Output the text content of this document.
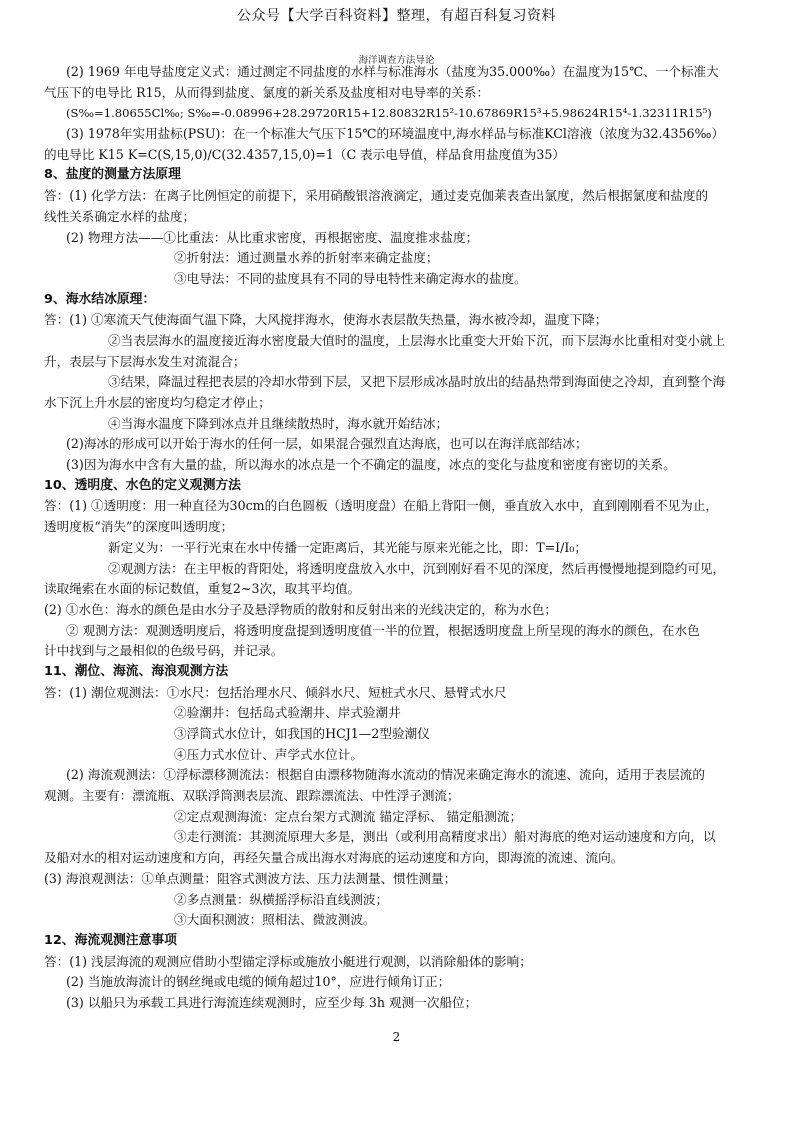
公众号【大学百科资料】整理，有超百科复习资料
海洋调查方法导论
(2) 1969 年电导盐度定义式：通过测定不同盐度的水样与标准海水（盐度为35.000‰）在温度为15℃、一个标准大
气压下的电导比 R15，从而得到盐度、氯度的新关系及盐度相对电导率的关系：
(S‰=1.80655Cl‰; S‰=-0.08996+28.29720R15+12.80832R15²-10.67869R15³+5.98624R15⁴-1.32311R15⁵)
(3) 1978年实用盐标(PSU)：在一个标准大气压下15℃的环境温度中,海水样品与标准KCl溶液（浓度为32.4356‰）
的电导比 K15 K=C(S,15,0)/C(32.4357,15,0)=1（C 表示电导值，样品食用盐度值为35）
8、盐度的测量方法原理
答：(1) 化学方法：在离子比例恒定的前提下，采用硝酸银溶液滴定，通过麦克伽莱表查出氯度，然后根据氯度和盐度的
线性关系确定水样的盐度；
(2) 物理方法——①比重法：从比重求密度，再根据密度、温度推求盐度；
②折射法：通过测量水养的折射率来确定盐度；
③电导法：不同的盐度具有不同的导电特性来确定海水的盐度。
9、海水结冰原理：
答：(1) ①寒流天气使海面气温下降，大风搅拌海水，使海水表层散失热量，海水被冷却，温度下降；
②当表层海水的温度接近海水密度最大值时的温度，上层海水比重变大开始下沉，而下层海水比重相对变小就上
升，表层与下层海水发生对流混合；
③结果，降温过程把表层的冷却水带到下层，又把下层形成冰晶时放出的结晶热带到海面使之冷却，直到整个海
水下沉上升水层的密度均匀稳定才停止；
④当海水温度下降到冰点并且继续散热时，海水就开始结冰；
(2)海冰的形成可以开始于海水的任何一层，如果混合强烈直达海底，也可以在海洋底部结冰；
(3)因为海水中含有大量的盐，所以海水的冰点是一个不确定的温度，冰点的变化与盐度和密度有密切的关系。
10、透明度、水色的定义观测方法
答：(1) ①透明度：用一种直径为30cm的白色圆板（透明度盘）在船上背阳一侧，垂直放入水中，直到刚刚看不见为止，
透明度板“消失”的深度叫透明度；
新定义为：一平行光束在水中传播一定距离后，其光能与原来光能之比，即：T=I/I₀；
②观测方法：在主甲板的背阳处，将透明度盘放入水中，沉到刚好看不见的深度，然后再慢慢地提到隐约可见，
读取绳索在水面的标记数值，重复2~3次，取其平均值。
(2) ①水色：海水的颜色是由水分子及悬浮物质的散射和反射出来的光线决定的，称为水色；
② 观测方法：观测透明度后，将透明度盘提到透明度值一半的位置，根据透明度盘上所呈现的海水的颜色，在水色
计中找到与之最相似的色级号码，并记录。
11、潮位、海流、海浪观测方法
答：(1) 潮位观测法：①水尺：包括治理水尺、倾斜水尺、短桩式水尺、悬臂式水尺
②验潮井：包括岛式验潮井、岸式验潮井
③浮筒式水位计，如我国的HCJ1—2型验潮仪
④压力式水位计、声学式水位计。
(2) 海流观测法：①浮标漂移测流法：根据自由漂移物随海水流动的情况来确定海水的流速、流向，适用于表层流的
观测。主要有：漂流瓶、双联浮筒测表层流、跟踪漂流法、中性浮子测流；
②定点观测海流：定点台架方式测流 锚定浮标、 锚定船测流；
③走行测流：其测流原理大多是，测出（或利用高精度求出）船对海底的绝对运动速度和方向，以
及船对水的相对运动速度和方向，再经矢量合成出海水对海底的运动速度和方向，即海流的流速、流向。
(3) 海浪观测法：①单点测量：阻容式测波方法、压力法测量、惯性测量；
②多点测量：纵横摇浮标沿直线测波；
③大面积测波：照相法、微波测波。
12、海流观测注意事项
答：(1) 浅层海流的观测应借助小型锚定浮标或施放小艇进行观测，以消除船体的影响；
(2) 当施放海流计的钢丝绳或电缆的倾角超过10°，应进行倾角订正；
(3) 以船只为承载工具进行海流连续观测时，应至少每 3h 观测一次船位；
2
